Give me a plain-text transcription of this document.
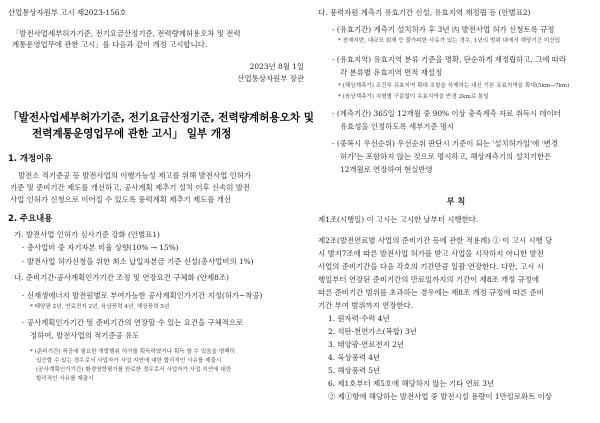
산업통상자원부 고시 제2023-156호
「발전사업세부허가기준, 전기요금산정기준, 전력량계허용오차 및 전력
계통운영업무에 관한 고시」를 다음과 같이 개정 고시합니다.
2023년 8월 1일
산업통상자원부 장관
「발전사업세부허가기준, 전기요금산정기준, 전력량계허용오차 및
전력계통운영업무에 관한 고시」 일부 개정
1. 개정이유
발전소 적기준공 등 발전사업의 이행가능성 제고를 위해 발전사업 인허가
기준 및 준비기간 제도를 개선하고, 공사계획 제추기 설치 이후 신속히 발전
사업 인허가 신청으로 이어질 수 있도록 풍력계획 제추기 제도를 개선
2. 주요내용
가. 발전사업 인허가 심사기준 강화 (안별표1)
- 총사업비 중 자기자본 비율 상향(10% → 15%)
- 발전사업 허가신청을 위한 최소 납입자본금 기준 신설(총사업비의 1%)
나. 준비기간·공사계획인가기간 조정 및 연장요건 구체화 (안제8조)
- 신재생에너지 발전원별로 부여가능한 공사계획인가기간 지정(허가~착공)
* 태양광 2년, 연료전지 2년, 육상풍력 4년, 해상풍력 5년
- 공사계획인가기간 및 준비기간의 연장할 수 있는 요건을 구체적으로
정하여, 발전사업의 적기준공 유도
* (준비기간) 착공에 필요한 개발행위 허가를 획득하였거나 획득 할 수 있음을 명백히
입증할 수 있는 경우로서 사업자가 사업 지연에 대한 합리적인 사유를 제출시
(공사계획인가기간) 환경영향평가를 완료한 경우로서 사업자가 사업 지연에 대한
합리적인 사유를 제출시
다. 풍력자원 계측기 유효기간 신설, 유효지역 재정립 등 (안별표2)
- (유효기간) 계측기 설치허가 후 3년 內 발전사업 허가 신청토록 규정
* 천재지변, 대규모 회재 등 불가피한 사유가 있는 경우, 1년의 범위 내에서 해당기간 미산입
- (유효지역) 유효지역 분류 기준을 명확, 단순하게 재정립하고, 그에 따라
각 분류별 유효지역 면적 재설정
* (해상계측기) 조건부 유효지역 확대 조항을 삭제하는 대신 기본 유효지역을 확대(5km→7km)
* (육상계측기) 지형별 구분없이 유효지역을 반경 2km로 통일
- (계측기간) 365일 12개월 중 90% 이상 충족계측 자료 취득시 데이터
유효성을 인정하도록 세부기준 명시
- (중복시 우선순위) 우선순위 판단시 기준이 되는 '설치허가일'에 '변경
허가'는 포함하지 않는 것으로 명시하고, 해상계측기의 설치기한은
12개월로 연장하여 현실반영
부 칙
제1조(시행일) 이 고시는 고시한 날부터 시행한다.
제2조(발전연료별 사업의 준비기간 등에 관한 적용례) ① 이 고시 시행 당
시 별지7조에 따른 발전사업 허가를 받고 사업을 시작하지 아니한 발전
사업의 준비기간을 다음 각호의 기간만큼 일괄 연장한다. 다만, 고시 시
행일부터 연장된 준비기간의 만료일까지의 기간이 제8조 개정 규정에
따른 준비기간 범위를 초과하는 경우에는 제8조 개정 규정에 따른 준비
기간 부여 범위까지 연장한다.
1. 원자력·수력 4년
2. 석탄·천연가스(복합) 3년
3. 태양광·연료전지 2년
4. 육상풍력 4년
5. 해상풍력 5년
6. 제1호부터 제5호에 해당하지 않는 기타 연료 3년
② 제①항에 해당하는 발전사업 중 발전시설 용량이 1만킬로와트 이상
